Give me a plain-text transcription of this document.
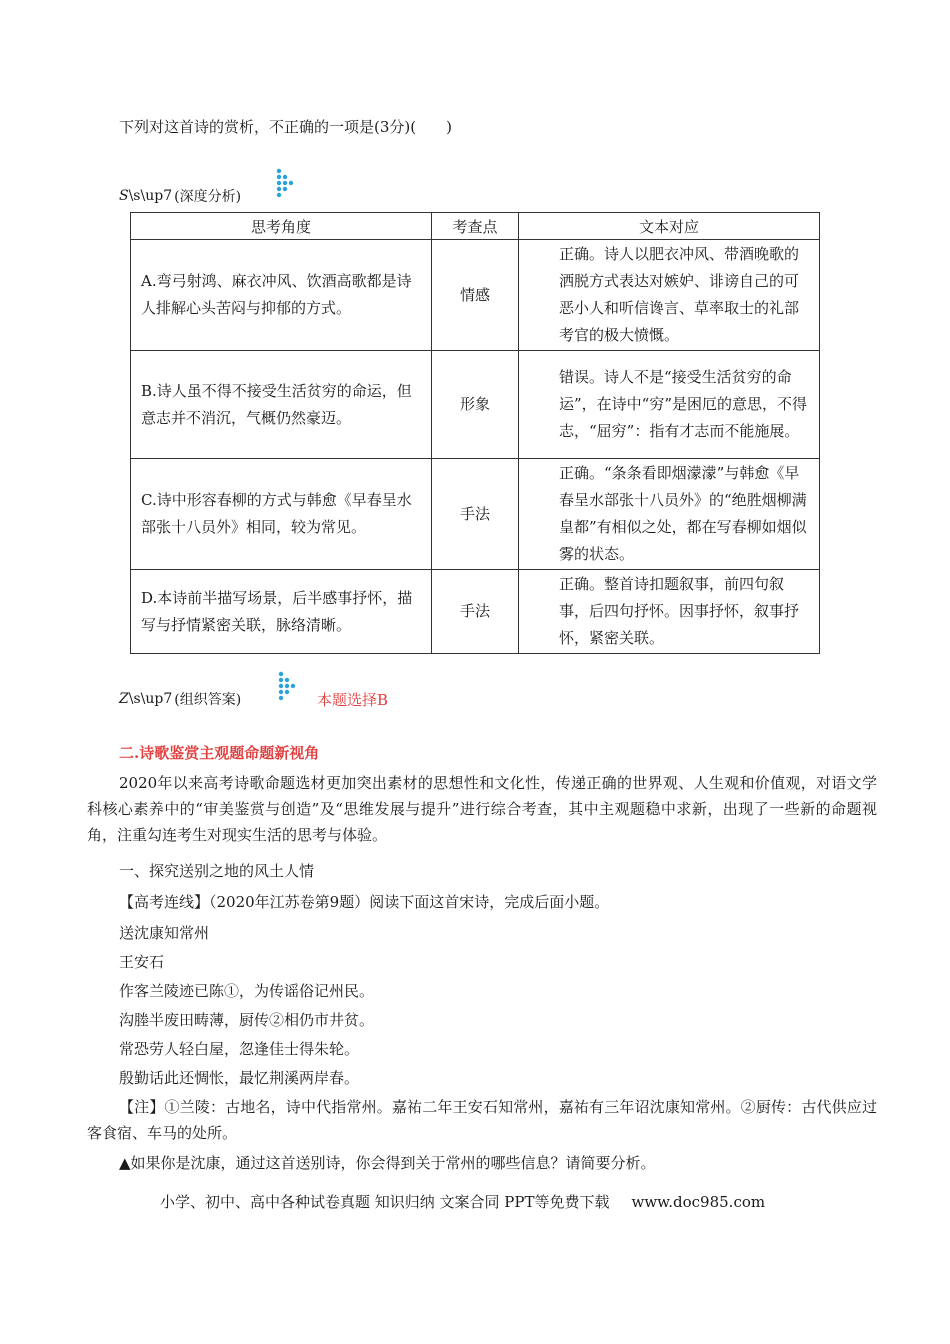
下列对这首诗的赏析，不正确的一项是(3分)(　　)
S\s\up7 (深度分析)
思考角度	考查点	文本对应
A.弯弓射鸿、麻衣冲风、饮酒高歌都是诗人排解心头苦闷与抑郁的方式。	情感	正确。诗人以肥衣冲风、带酒晚歌的洒脱方式表达对嫉妒、诽谤自己的可恶小人和听信谗言、草率取士的礼部考官的极大愤慨。

B.诗人虽不得不接受生活贫穷的命运，但意志并不消沉，气概仍然豪迈。	形象	错误。诗人不是“接受生活贫穷的命运”，在诗中“穷”是困厄的意思，不得志，“屈穷”：指有才志而不能施展。

C.诗中形容春柳的方式与韩愈《早春呈水部张十八员外》相同，较为常见。	手法	正确。“条条看即烟濛濛”与韩愈《早春呈水部张十八员外》的“绝胜烟柳满皇都”有相似之处，都在写春柳如烟似雾的状态。

D.本诗前半描写场景，后半感事抒怀，描写与抒情紧密关联，脉络清晰。	手法	正确。整首诗扣题叙事，前四句叙事，后四句抒怀。因事抒怀，叙事抒怀，紧密关联。
Z\s\up7 (组织答案)	本题选择B
二.诗歌鉴赏主观题命题新视角

2020年以来高考诗歌命题选材更加突出素材的思想性和文化性，传递正确的世界观、人生观和价值观，对语文学科核心素养中的“审美鉴赏与创造”及“思维发展与提升”进行综合考查，其中主观题稳中求新，出现了一些新的命题视角，注重勾连考生对现实生活的思考与体验。

一、探究送别之地的风土人情
【高考连线】（2020年江苏卷第9题）阅读下面这首宋诗，完成后面小题。
送沈康知常州
王安石
作客兰陵迹已陈①，为传谣俗记州民。
沟塍半废田畴薄，厨传②相仍市井贫。
常恐劳人轻白屋，忽逢佳士得朱轮。
殷勤话此还惆怅，最忆荆溪两岸春。

【注】①兰陵：古地名，诗中代指常州。嘉祐二年王安石知常州，嘉祐有三年诏沈康知常州。②厨传：古代供应过客食宿、车马的处所。

▲如果你是沈康，通过这首送别诗，你会得到关于常州的哪些信息？请简要分析。
小学、初中、高中各种试卷真题 知识归纳 文案合同 PPT等免费下载 www.doc985.com
